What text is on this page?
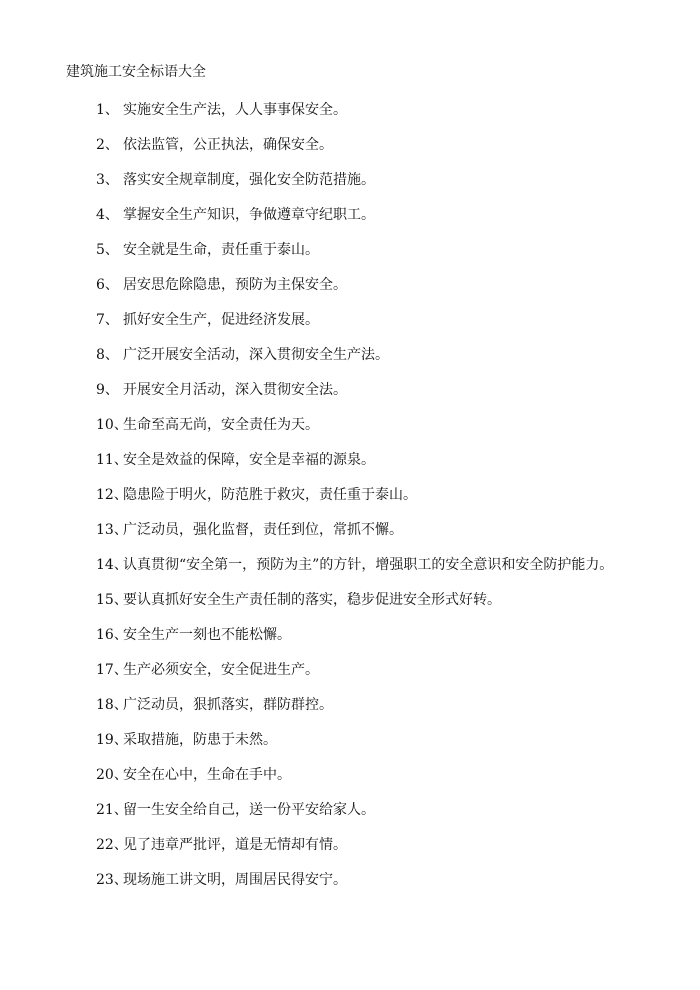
建筑施工安全标语大全
1、 实施安全生产法，人人事事保安全。
2、 依法监管，公正执法，确保安全。
3、 落实安全规章制度，强化安全防范措施。
4、 掌握安全生产知识，争做遵章守纪职工。
5、 安全就是生命，责任重于泰山。
6、 居安思危除隐患，预防为主保安全。
7、 抓好安全生产，促进经济发展。
8、 广泛开展安全活动，深入贯彻安全生产法。
9、 开展安全月活动，深入贯彻安全法。
10、生命至高无尚，安全责任为天。
11、安全是效益的保障，安全是幸福的源泉。
12、隐患险于明火，防范胜于救灾，责任重于泰山。
13、广泛动员，强化监督，责任到位，常抓不懈。
14、认真贯彻“安全第一，预防为主”的方针，增强职工的安全意识和安全防护能力。
15、要认真抓好安全生产责任制的落实，稳步促进安全形式好转。
16、安全生产一刻也不能松懈。
17、生产必须安全，安全促进生产。
18、广泛动员，狠抓落实，群防群控。
19、采取措施，防患于未然。
20、安全在心中，生命在手中。
21、留一生安全给自己，送一份平安给家人。
22、见了违章严批评，道是无情却有情。
23、现场施工讲文明，周围居民得安宁。
